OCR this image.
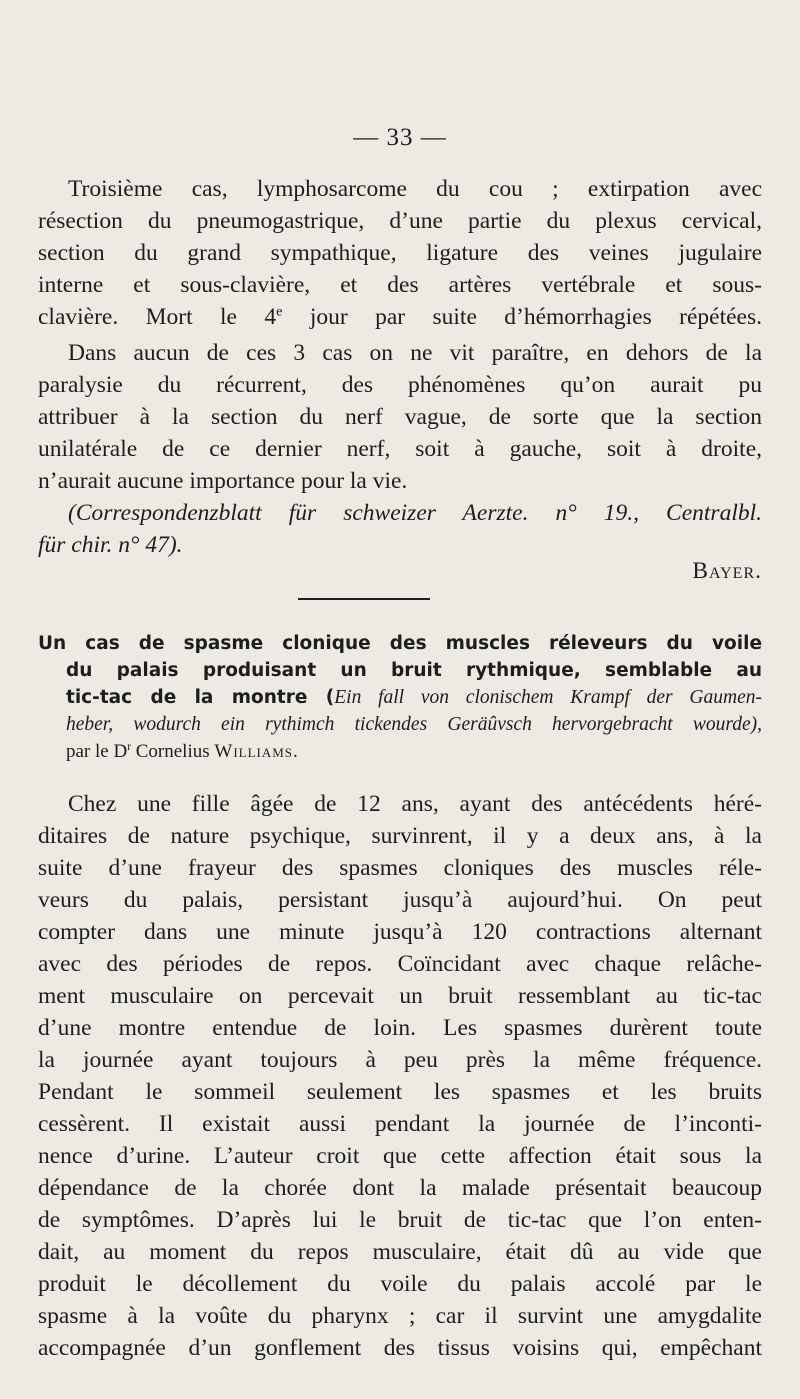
— 33 —
Troisième cas, lymphosarcome du cou ; extirpation avec
résection du pneumogastrique, d’une partie du plexus cervical,
section du grand sympathique, ligature des veines jugulaire
interne et sous-clavière, et des artères vertébrale et sous-
clavière. Mort le 4e jour par suite d’hémorrhagies répétées.
Dans aucun de ces 3 cas on ne vit paraître, en dehors de la
paralysie du récurrent, des phénomènes qu’on aurait pu
attribuer à la section du nerf vague, de sorte que la section
unilatérale de ce dernier nerf, soit à gauche, soit à droite,
n’aurait aucune importance pour la vie.
(Correspondenzblatt für schweizer Aerzte. n° 19., Centralbl.
für chir. n° 47).
Bayer.
Un cas de spasme clonique des muscles réleveurs du voile
du palais produisant un bruit rythmique, semblable au
tic-tac de la montre (Ein fall von clonischem Krampf der Gaumen-
heber, wodurch ein rythimch tickendes Geräûvsch hervorgebracht wourde),
par le $D^r$ Cornelius Williams.
Chez une fille âgée de 12 ans, ayant des antécédents héré-
ditaires de nature psychique, survinrent, il y a deux ans, à la
suite d’une frayeur des spasmes cloniques des muscles réle-
veurs du palais, persistant jusqu’à aujourd’hui. On peut
compter dans une minute jusqu’à 120 contractions alternant
avec des périodes de repos. Coïncidant avec chaque relâche-
ment musculaire on percevait un bruit ressemblant au tic-tac
d’une montre entendue de loin. Les spasmes durèrent toute
la journée ayant toujours à peu près la même fréquence.
Pendant le sommeil seulement les spasmes et les bruits
cessèrent. Il existait aussi pendant la journée de l’inconti-
nence d’urine. L’auteur croit que cette affection était sous la
dépendance de la chorée dont la malade présentait beaucoup
de symptômes. D’après lui le bruit de tic-tac que l’on enten-
dait, au moment du repos musculaire, était dû au vide que
produit le décollement du voile du palais accolé par le
spasme à la voûte du pharynx ; car il survint une amygdalite
accompagnée d’un gonflement des tissus voisins qui, empêchant
